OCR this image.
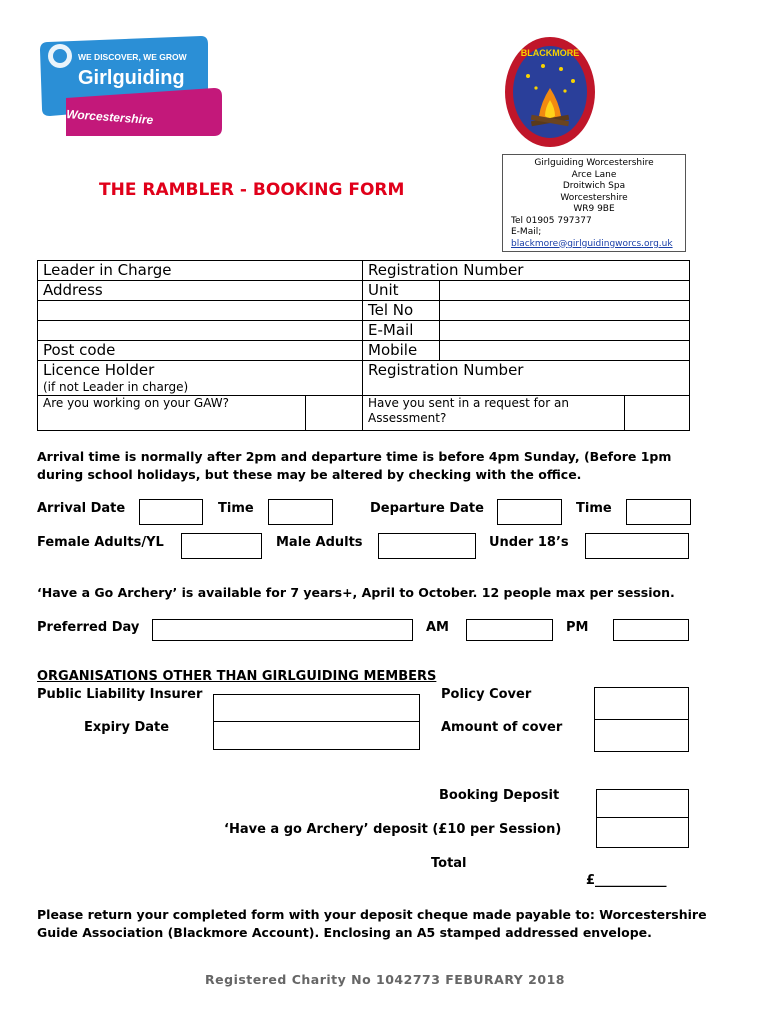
WE DISCOVER, WE GROW
Girlguiding
Worcestershire
BLACKMORE
THE RAMBLER - BOOKING FORM
Girlguiding Worcestershire
Arce Lane
Droitwich Spa
Worcestershire
WR9 9BE
Tel 01905 797377
E-Mail;
blackmore@girlguidingworcs.org.uk
Leader in Charge	Registration Number	
Address	Unit	
	Tel No	
	E-Mail	
Post code	Mobile	
Licence Holder	Registration Number	
(if not Leader in charge)		

Are you working on your GAW?	Have you sent in a request for an Assessment?	
Arrival time is normally after 2pm and departure time is before 4pm Sunday, (Before 1pm during school holidays, but these may be altered by checking with the office.
Arrival Date	Time	Departure Date	Time
Female Adults/YL	Male Adults	Under 18’s
‘Have a Go Archery’ is available for 7 years+, April to October. 12 people max per session.
Preferred Day	AM	PM
ORGANISATIONS OTHER THAN GIRLGUIDING MEMBERS
Public Liability Insurer
Expiry Date
Policy Cover
Amount of cover
Booking Deposit
‘Have a go Archery’ deposit (£10 per Session)
Total
£___________
Please return your completed form with your deposit cheque made payable to: Worcestershire Guide Association (Blackmore Account). Enclosing an A5 stamped addressed envelope.
Registered Charity No 1042773 FEBURARY 2018
